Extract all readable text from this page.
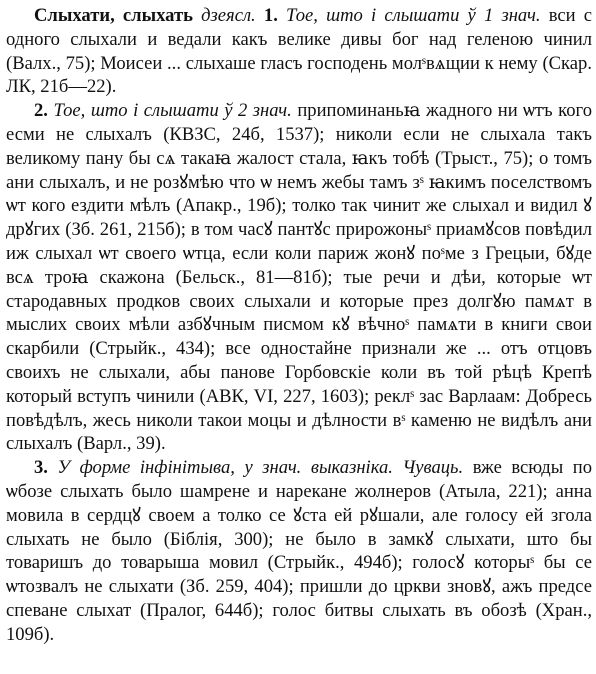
Слыхати, слыхать дзеясл. 1. Тое, што і слышати ў 1 знач. вси с одного слыхали и ведали какъ велике дивы бог над геленою чинил (Валх., 75); Моисеи ... слыхаше гласъ господень молˢвѧщии к нему (Скар. ЛК, 21б—22).

2. Тое, што і слышати ў 2 знач. припоминаньꙗ жадного ни ѡтъ кого есми не слыхалъ (КВЗС, 24б, 1537); николи если не слыхала такъ великому пану бы сѧ такаꙗ жалост стала, ꙗкъ тобѣ (Трыст., 75); о томъ ани слыхалъ, и не розꙋмѣю что ѡ немъ жебы тамъ зˢ ꙗкимъ поселствомъ ѡт кого ездити мѣлъ (Апакр., 19б); толко так чинит же слыхал и видил ꙋ дрꙋгих (Зб. 261, 215б); в том часꙋ пантꙋс прирожоныˢ приамꙋсов повѣдил иж слыхал ѡт своего ѡтца, если коли париж жонꙋ поˢме з Грецыи, бꙋде всѧ троꙗ скажона (Бельск., 81—81б); тые речи и дѣи, которые ѡт стародавных продков своих слыхали и которые през долгꙋю памѧт в мыслих своих мѣли азбꙋчным писмом кꙋ вѣчноˢ памѧти в книги свои скарбили (Стрыйк., 434); все одностайне признали же ... отъ отцовъ своихъ не слыхали, абы панове Горбовскіе коли въ той рѣцѣ Крепѣ который вступъ чинили (АВК, VI, 227, 1603); реклˢ зас Варлаам: Добресь повѣдѣлъ, жесь николи такои моцы и дѣлности вˢ каменю не видѣлъ ани слыхалъ (Варл., 39).

3. У форме інфінітыва, у знач. выказніка. Чуваць. вже всюды по ѡбозе слыхать было шамрене и нарекане жолнеров (Атыла, 221); анна мовила в сердцꙋ своем а толко се ꙋста ей рꙋшали, але голосу ей згола слыхать не было (Біблія, 300); не было в замкꙋ слыхати, што бы товаришъ до товарыша мовил (Стрыйк., 494б); голосꙋ которыˢ бы се ѡтозвалъ не слыхати (Зб. 259, 404); пришли до цркви зновꙋ, ажъ предсе спеване слыхат (Пралог, 644б); голос битвы слыхать въ обозѣ (Хран., 109б).
